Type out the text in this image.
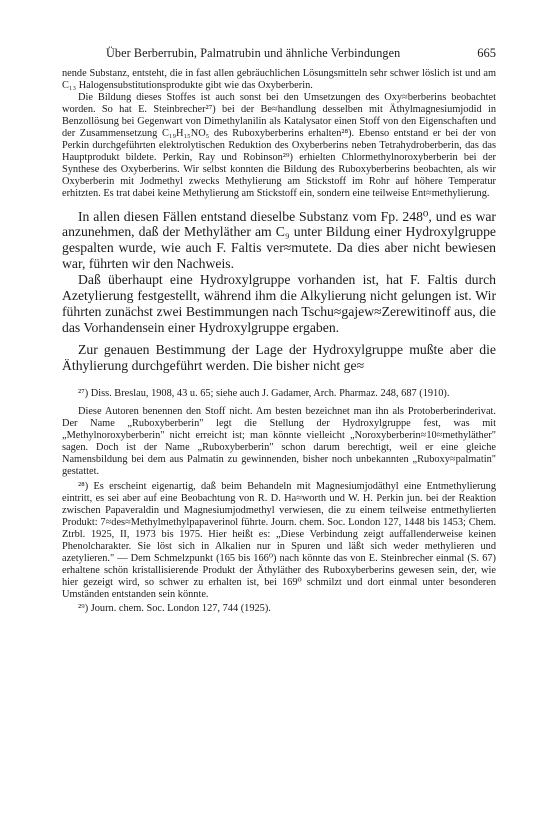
Über Berberrubin, Palmatrubin und ähnliche Verbindungen	665

nende Substanz, entsteht, die in fast allen gebräuchlichen Lösungsmitteln sehr schwer löslich ist und am C₁₃ Halogensubstitutionsprodukte gibt wie das Oxyberberin.

Die Bildung dieses Stoffes ist auch sonst bei den Umsetzungen des Oxy≈berberins beobachtet worden. So hat E. Steinbrecher²⁷) bei der Be≈handlung desselben mit Äthylmagnesiumjodid in Benzollösung bei Gegenwart von Dimethylanilin als Katalysator einen Stoff von den Eigenschaften und der Zusammensetzung C₁₉H₁₅NO₅ des Ruboxyberberins erhalten²⁸). Ebenso entstand er bei der von Perkin durchgeführten elektrolytischen Reduktion des Oxyberberins neben Tetrahydroberberin, das das Hauptprodukt bildete. Perkin, Ray und Robinson²⁹) erhielten Chlormethylnoroxyberberin bei der Synthese des Oxyberberins. Wir selbst konnten die Bildung des Ruboxyberberins beobachten, als wir Oxyberberin mit Jodmethyl zwecks Methylierung am Stickstoff im Rohr auf höhere Temperatur erhitzten. Es trat dabei keine Methylierung am Stickstoff ein, sondern eine teilweise Ent≈methylierung.

In allen diesen Fällen entstand dieselbe Substanz vom Fp. 248⁰, und es war anzunehmen, daß der Methyläther am C₉ unter Bildung einer Hydroxylgruppe gespalten wurde, wie auch F. Faltis ver≈mutete. Da dies aber nicht bewiesen war, führten wir den Nachweis.

Daß überhaupt eine Hydroxylgruppe vorhanden ist, hat F. Faltis durch Azetylierung festgestellt, während ihm die Alkylierung nicht gelungen ist. Wir führten zunächst zwei Bestimmungen nach Tschu≈gajew≈Zerewitinoff aus, die das Vorhandensein einer Hydroxylgruppe ergaben.

Zur genauen Bestimmung der Lage der Hydroxylgruppe mußte aber die Äthylierung durchgeführt werden. Die bisher nicht ge≈

²⁷) Diss. Breslau, 1908, 43 u. 65; siehe auch J. Gadamer, Arch. Pharmaz. 248, 687 (1910).

Diese Autoren benennen den Stoff nicht. Am besten bezeichnet man ihn als Protoberberinderivat. Der Name „Ruboxyberberin" legt die Stellung der Hydroxylgruppe fest, was mit „Methylnoroxyberberin" nicht erreicht ist; man könnte vielleicht „Noroxyberberin≈10≈methyläther" sagen. Doch ist der Name „Ruboxyberberin" schon darum berechtigt, weil er eine gleiche Namensbildung bei dem aus Palmatin zu gewinnenden, bisher noch unbekannten „Ruboxy≈palmatin" gestattet.

²⁸) Es erscheint eigenartig, daß beim Behandeln mit Magnesiumjodäthyl eine Entmethylierung eintritt, es sei aber auf eine Beobachtung von R. D. Ha≈worth und W. H. Perkin jun. bei der Reaktion zwischen Papaveraldin und Magnesiumjodmethyl verwiesen, die zu einem teilweise entmethylierten Produkt: 7≈des≈Methylmethylpapaverinol führte. Journ. chem. Soc. London 127, 1448 bis 1453; Chem. Ztrbl. 1925, II, 1973 bis 1975. Hier heißt es: „Diese Verbindung zeigt auffallenderweise keinen Phenolcharakter. Sie löst sich in Alkalien nur in Spuren und läßt sich weder methylieren und azetylieren." — Dem Schmelzpunkt (165 bis 166⁰) nach könnte das von E. Steinbrecher einmal (S. 67) erhaltene schön kristallisierende Produkt der Äthyläther des Ruboxyberberins gewesen sein, der, wie hier gezeigt wird, so schwer zu erhalten ist, bei 169⁰ schmilzt und dort einmal unter besonderen Umständen entstanden sein könnte.

²⁹) Journ. chem. Soc. London 127, 744 (1925).
